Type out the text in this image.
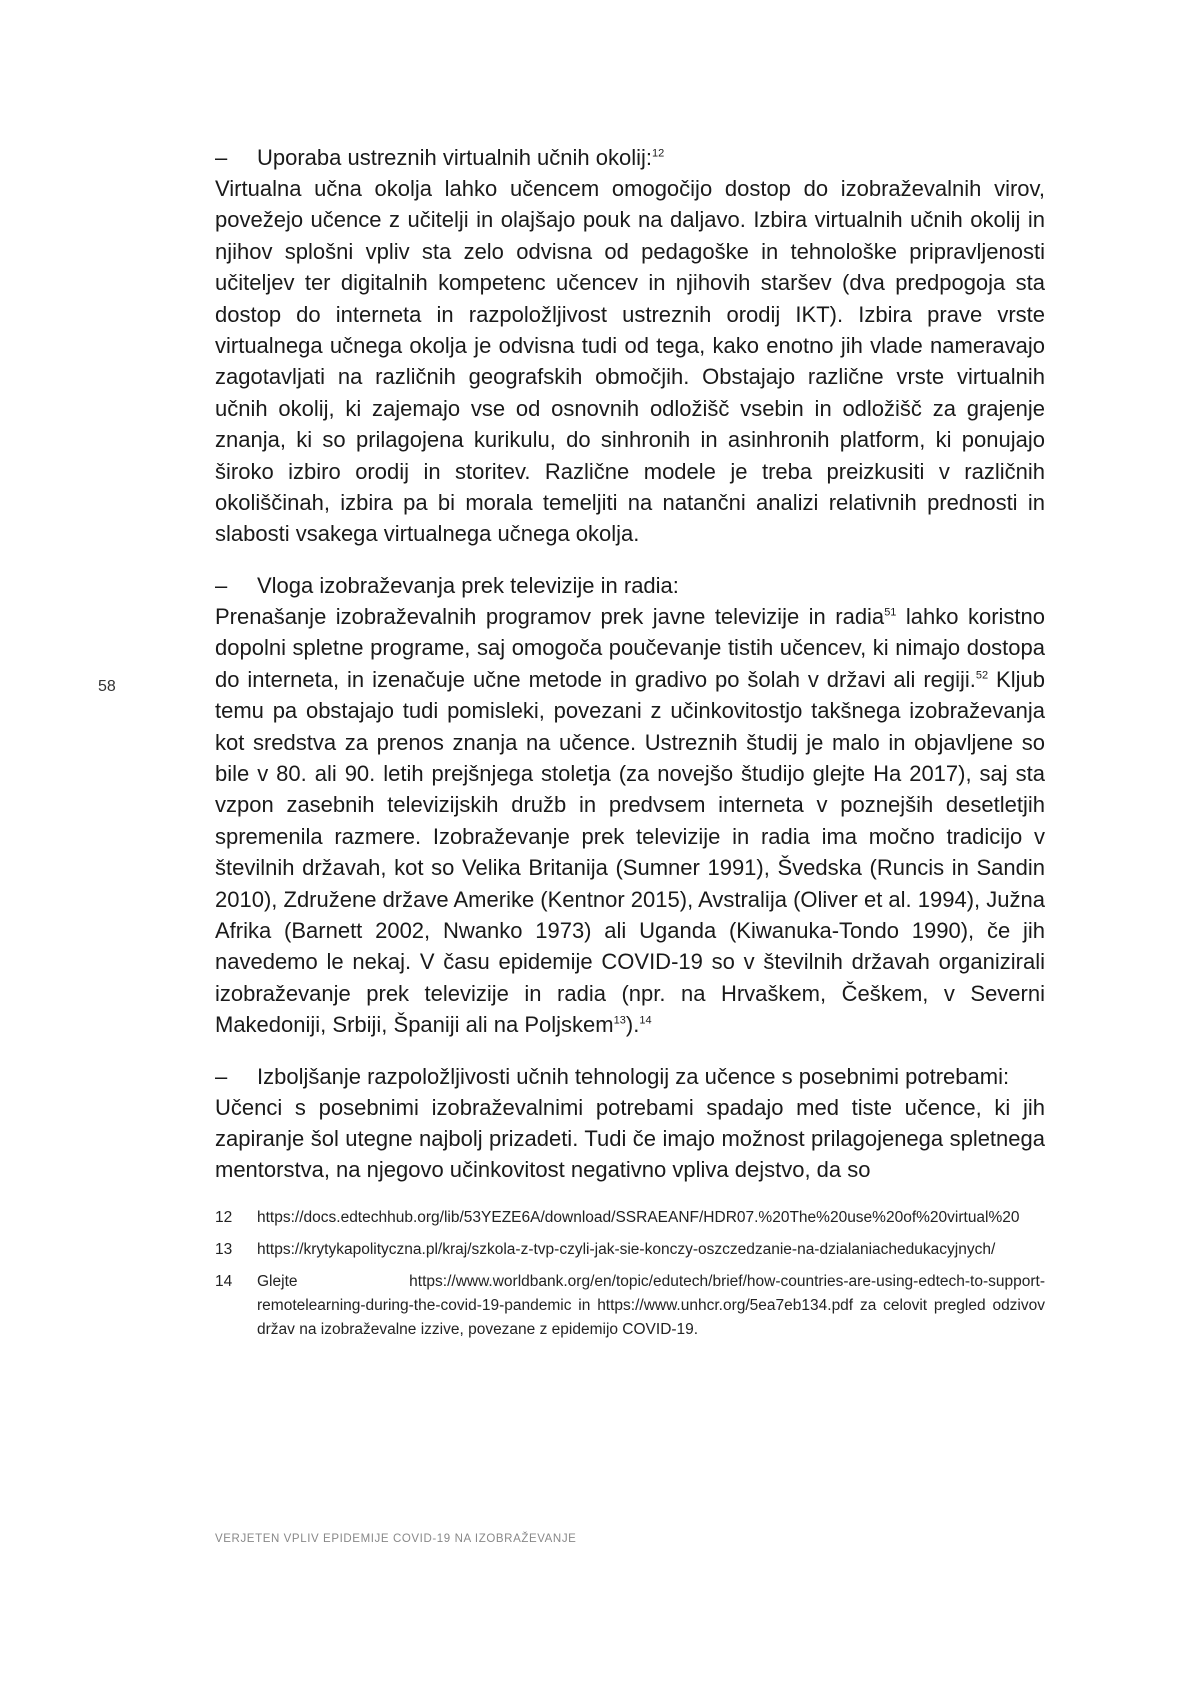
58
–	Uporaba ustreznih virtualnih učnih okolij:$^{12}$

Virtualna učna okolja lahko učencem omogočijo dostop do izobraževalnih virov, povežejo učence z učitelji in olajšajo pouk na daljavo. Izbira virtualnih učnih okolij in njihov splošni vpliv sta zelo odvisna od pedagoške in tehnološke pripravljenosti učiteljev ter digitalnih kompetenc učencev in njihovih staršev (dva predpogoja sta dostop do interneta in razpoložljivost ustreznih orodij IKT). Izbira prave vrste virtualnega učnega okolja je odvisna tudi od tega, kako enotno jih vlade nameravajo zagotavljati na različnih geografskih območjih. Obstajajo različne vrste virtualnih učnih okolij, ki zajemajo vse od osnovnih odložišč vsebin in odložišč za grajenje znanja, ki so prilagojena kurikulu, do sinhronih in asinhronih platform, ki ponujajo široko izbiro orodij in storitev. Različne modele je treba preizkusiti v različnih okoliščinah, izbira pa bi morala temeljiti na natančni analizi relativnih prednosti in slabosti vsakega virtualnega učnega okolja.

–	Vloga izobraževanja prek televizije in radia:

Prenašanje izobraževalnih programov prek javne televizije in radia$^{51}$ lahko koristno dopolni spletne programe, saj omogoča poučevanje tistih učencev, ki nimajo dostopa do interneta, in izenačuje učne metode in gradivo po šolah v državi ali regiji.$^{52}$ Kljub temu pa obstajajo tudi pomisleki, povezani z učinkovitostjo takšnega izobraževanja kot sredstva za prenos znanja na učence. Ustreznih študij je malo in objavljene so bile v 80. ali 90. letih prejšnjega stoletja (za novejšo študijo glejte Ha 2017), saj sta vzpon zasebnih televizijskih družb in predvsem interneta v poznejših desetletjih spremenila razmere. Izobraževanje prek televizije in radia ima močno tradicijo v številnih državah, kot so Velika Britanija (Sumner 1991), Švedska (Runcis in Sandin 2010), Združene države Amerike (Kentnor 2015), Avstralija (Oliver et al. 1994), Južna Afrika (Barnett 2002, Nwanko 1973) ali Uganda (Kiwanuka-Tondo 1990), če jih navedemo le nekaj. V času epidemije COVID-19 so v številnih državah organizirali izobraževanje prek televizije in radia (npr. na Hrvaškem, Češkem, v Severni Makedoniji, Srbiji, Španiji ali na Poljskem$^{13}$).$^{14}$

–	Izboljšanje razpoložljivosti učnih tehnologij za učence s posebnimi potrebami:

Učenci s posebnimi izobraževalnimi potrebami spadajo med tiste učence, ki jih zapiranje šol utegne najbolj prizadeti. Tudi če imajo možnost prilagojenega spletnega mentorstva, na njegovo učinkovitost negativno vpliva dejstvo, da so

12	https://docs.edtechhub.org/lib/53YEZE6A/download/SSRAEANF/HDR07.%20The%20use%20of%20virtual%20
13	https://krytykapolityczna.pl/kraj/szkola-z-tvp-czyli-jak-sie-konczy-oszczedzanie-na-dzialaniachedukacyjnych/
14	Glejte https://www.worldbank.org/en/topic/edutech/brief/how-countries-are-using-edtech-to-support-remotelearning-during-the-covid-19-pandemic in https://www.unhcr.org/5ea7eb134.pdf za celovit pregled odzivov držav na izobraževalne izzive, povezane z epidemijo COVID-19.
VERJETEN VPLIV EPIDEMIJE COVID-19 NA IZOBRAŽEVANJE
